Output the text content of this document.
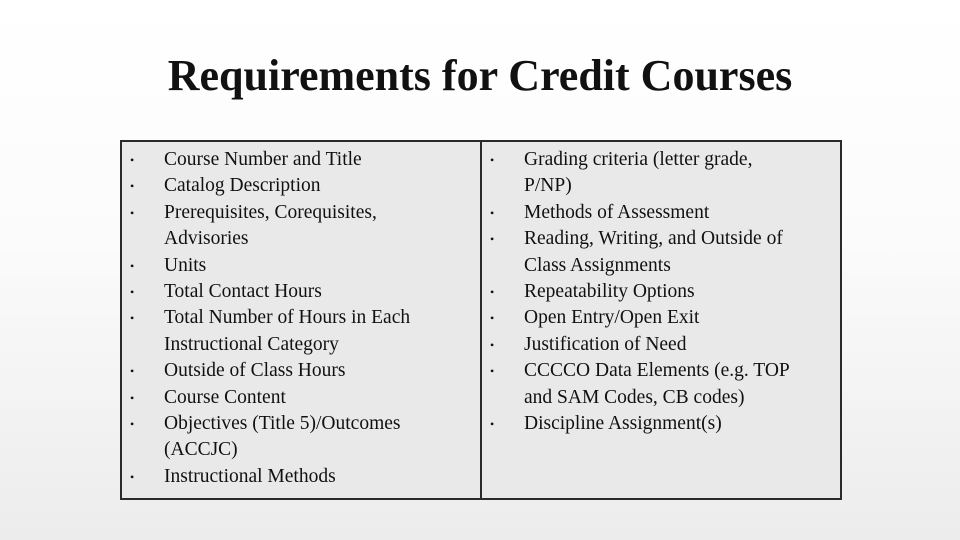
Requirements for Credit Courses
•	Course Number and Title
•	Catalog Description
•	Prerequisites, Corequisites,
Advisories
•	Units
•	Total Contact Hours
•	Total Number of Hours in Each
Instructional Category
•	Outside of Class Hours
•	Course Content
•	Objectives (Title 5)/Outcomes
(ACCJC)
•	Instructional Methods
•	Grading criteria (letter grade,
P/NP)
•	Methods of Assessment
•	Reading, Writing, and Outside of
Class Assignments
•	Repeatability Options
•	Open Entry/Open Exit
•	Justification of Need
•	CCCCO Data Elements (e.g. TOP
and SAM Codes, CB codes)
•	Discipline Assignment(s)
